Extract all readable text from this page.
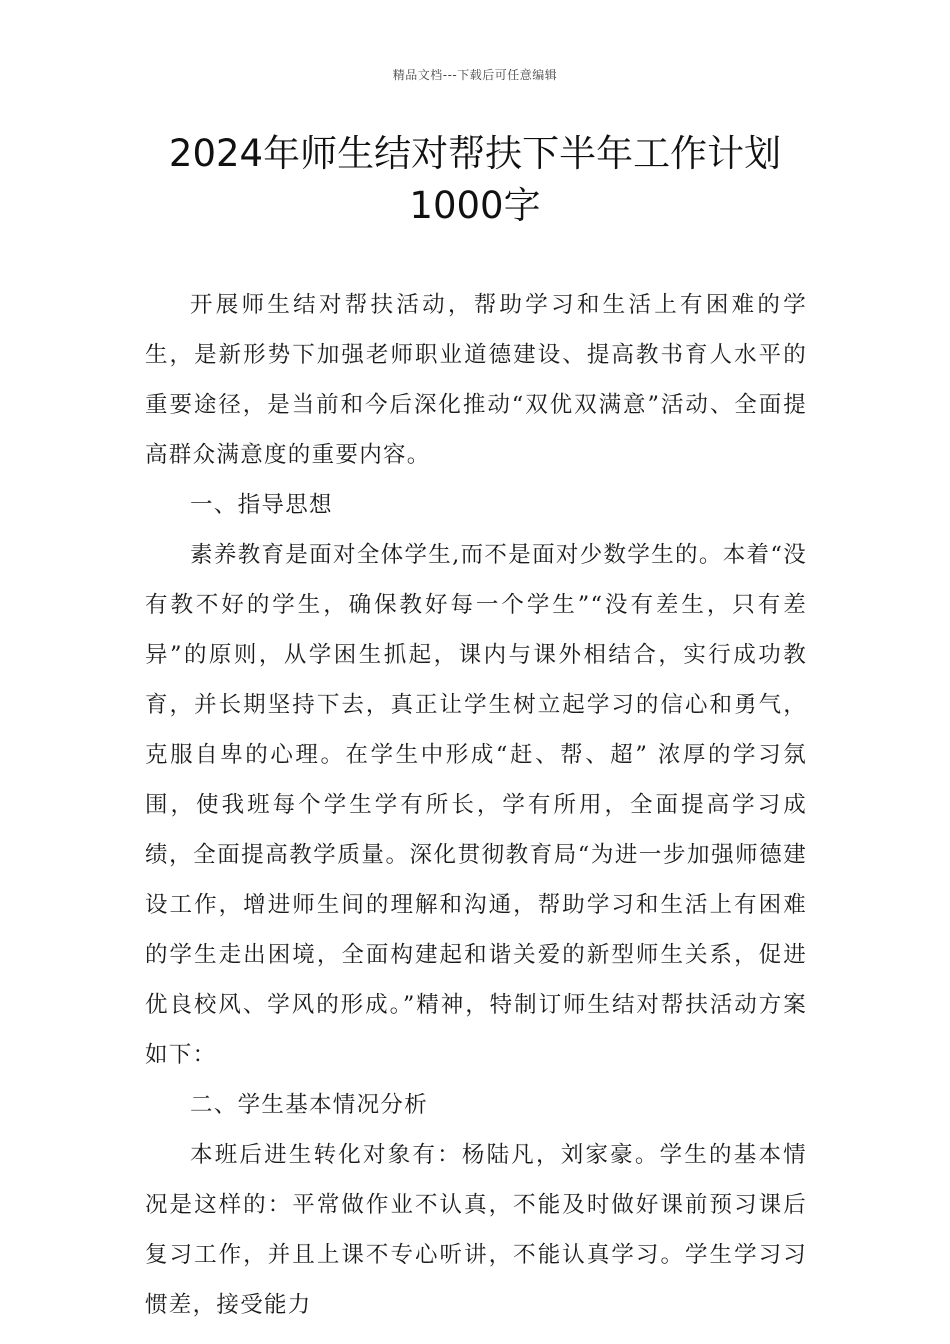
精品文档---下载后可任意编辑
2024年师生结对帮扶下半年工作计划
1000字

开展师生结对帮扶活动，帮助学习和生活上有困难的学生，是新形势下加强老师职业道德建设、提高教书育人水平的重要途径，是当前和今后深化推动“双优双满意”活动、全面提高群众满意度的重要内容。

一、指导思想

素养教育是面对全体学生,而不是面对少数学生的。本着“没有教不好的学生，确保教好每一个学生”“没有差生，只有差异”的原则，从学困生抓起，课内与课外相结合，实行成功教育，并长期坚持下去，真正让学生树立起学习的信心和勇气，克服自卑的心理。在学生中形成“赶、帮、超” 浓厚的学习氛围，使我班每个学生学有所长，学有所用，全面提高学习成绩，全面提高教学质量。深化贯彻教育局“为进一步加强师德建设工作，增进师生间的理解和沟通，帮助学习和生活上有困难的学生走出困境，全面构建起和谐关爱的新型师生关系，促进优良校风、学风的形成。”精神，特制订师生结对帮扶活动方案如下：

二、学生基本情况分析

本班后进生转化对象有：杨陆凡，刘家豪。学生的基本情况是这样的：平常做作业不认真，不能及时做好课前预习课后复习工作，并且上课不专心听讲，不能认真学习。学生学习习惯差，接受能力
